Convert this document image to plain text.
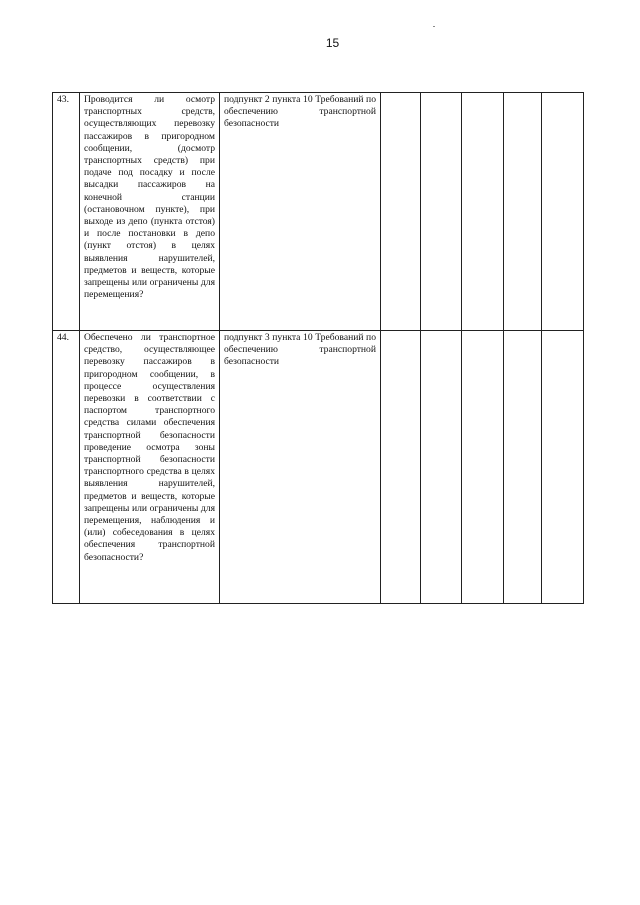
15
43.	Проводится ли осмотр транспортных средств, осуществляющих перевозку пассажиров в пригородном сообщении, (досмотр транспортных средств) при подаче под посадку и после высадки пассажиров на конечной станции (остановочном пункте), при выходе из депо (пункта отстоя) и после постановки в депо (пункт отстоя) в целях выявления нарушителей, предметов и веществ, которые запрещены или ограничены для перемещения?	подпункт 2 пункта 10 Требований по обеспечению транспортной безопасности					
44.	Обеспечено ли транспортное средство, осуществляющее перевозку пассажиров в пригородном сообщении, в процессе осуществления перевозки в соответствии с паспортом транспортного средства силами обеспечения транспортной безопасности проведение осмотра зоны транспортной безопасности транспортного средства в целях выявления нарушителей, предметов и веществ, которые запрещены или ограничены для перемещения, наблюдения и (или) собеседования в целях обеспечения транспортной безопасности?	подпункт 3 пункта 10 Требований по обеспечению транспортной безопасности					
